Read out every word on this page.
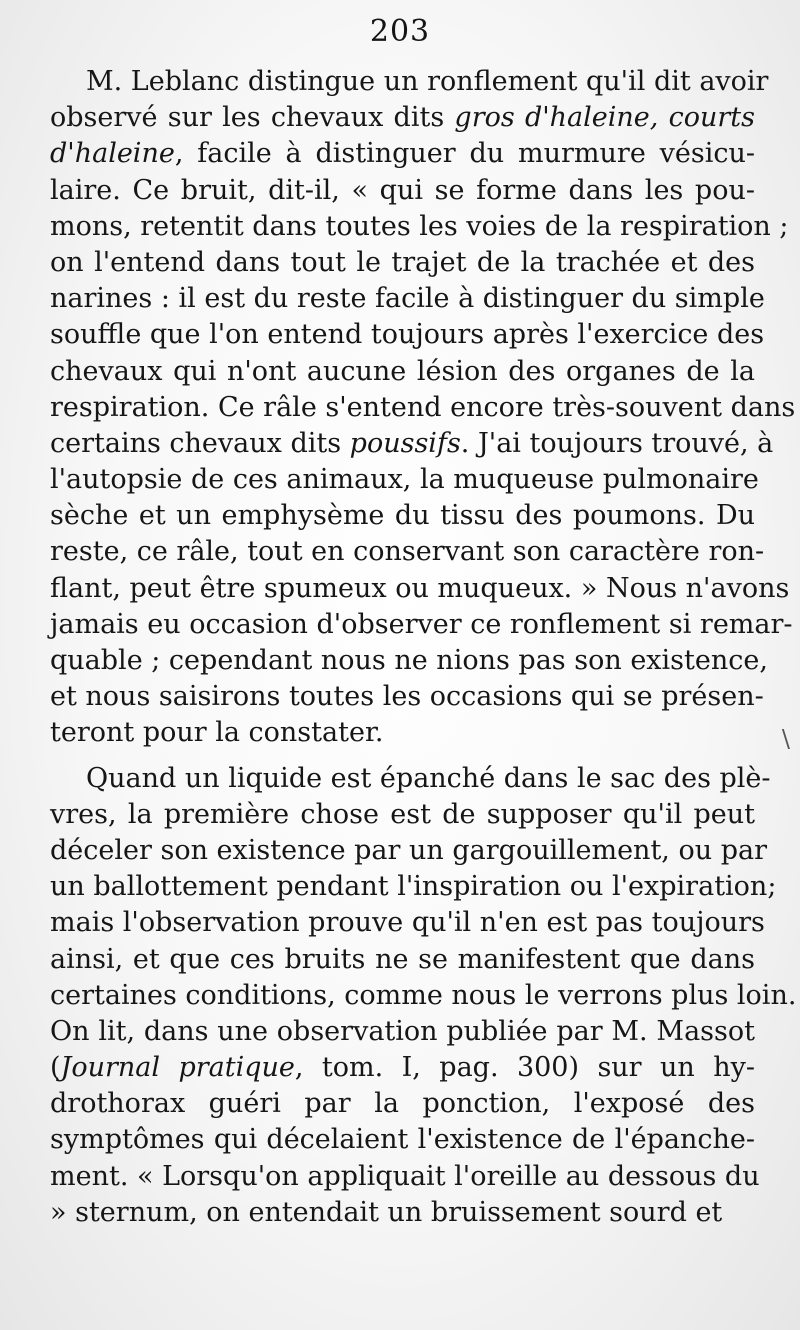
203
\
M. Leblanc distingue un ronflement qu'il dit avoir
observé sur les chevaux dits gros d'haleine, courts
d'haleine, facile à distinguer du murmure vésicu-
laire. Ce bruit, dit-il, « qui se forme dans les pou-
mons, retentit dans toutes les voies de la respiration ;
on l'entend dans tout le trajet de la trachée et des
narines : il est du reste facile à distinguer du simple
souffle que l'on entend toujours après l'exercice des
chevaux qui n'ont aucune lésion des organes de la
respiration. Ce râle s'entend encore très-souvent dans
certains chevaux dits poussifs. J'ai toujours trouvé, à
l'autopsie de ces animaux, la muqueuse pulmonaire
sèche et un emphysème du tissu des poumons. Du
reste, ce râle, tout en conservant son caractère ron-
flant, peut être spumeux ou muqueux. » Nous n'avons
jamais eu occasion d'observer ce ronflement si remar-
quable ; cependant nous ne nions pas son existence,
et nous saisirons toutes les occasions qui se présen-
teront pour la constater.
Quand un liquide est épanché dans le sac des plè-
vres, la première chose est de supposer qu'il peut
déceler son existence par un gargouillement, ou par
un ballottement pendant l'inspiration ou l'expiration;
mais l'observation prouve qu'il n'en est pas toujours
ainsi, et que ces bruits ne se manifestent que dans
certaines conditions, comme nous le verrons plus loin.
On lit, dans une observation publiée par M. Massot
(Journal pratique, tom. I, pag. 300) sur un hy-
drothorax guéri par la ponction, l'exposé des
symptômes qui décelaient l'existence de l'épanche-
ment. « Lorsqu'on appliquait l'oreille au dessous du
» sternum, on entendait un bruissement sourd et
